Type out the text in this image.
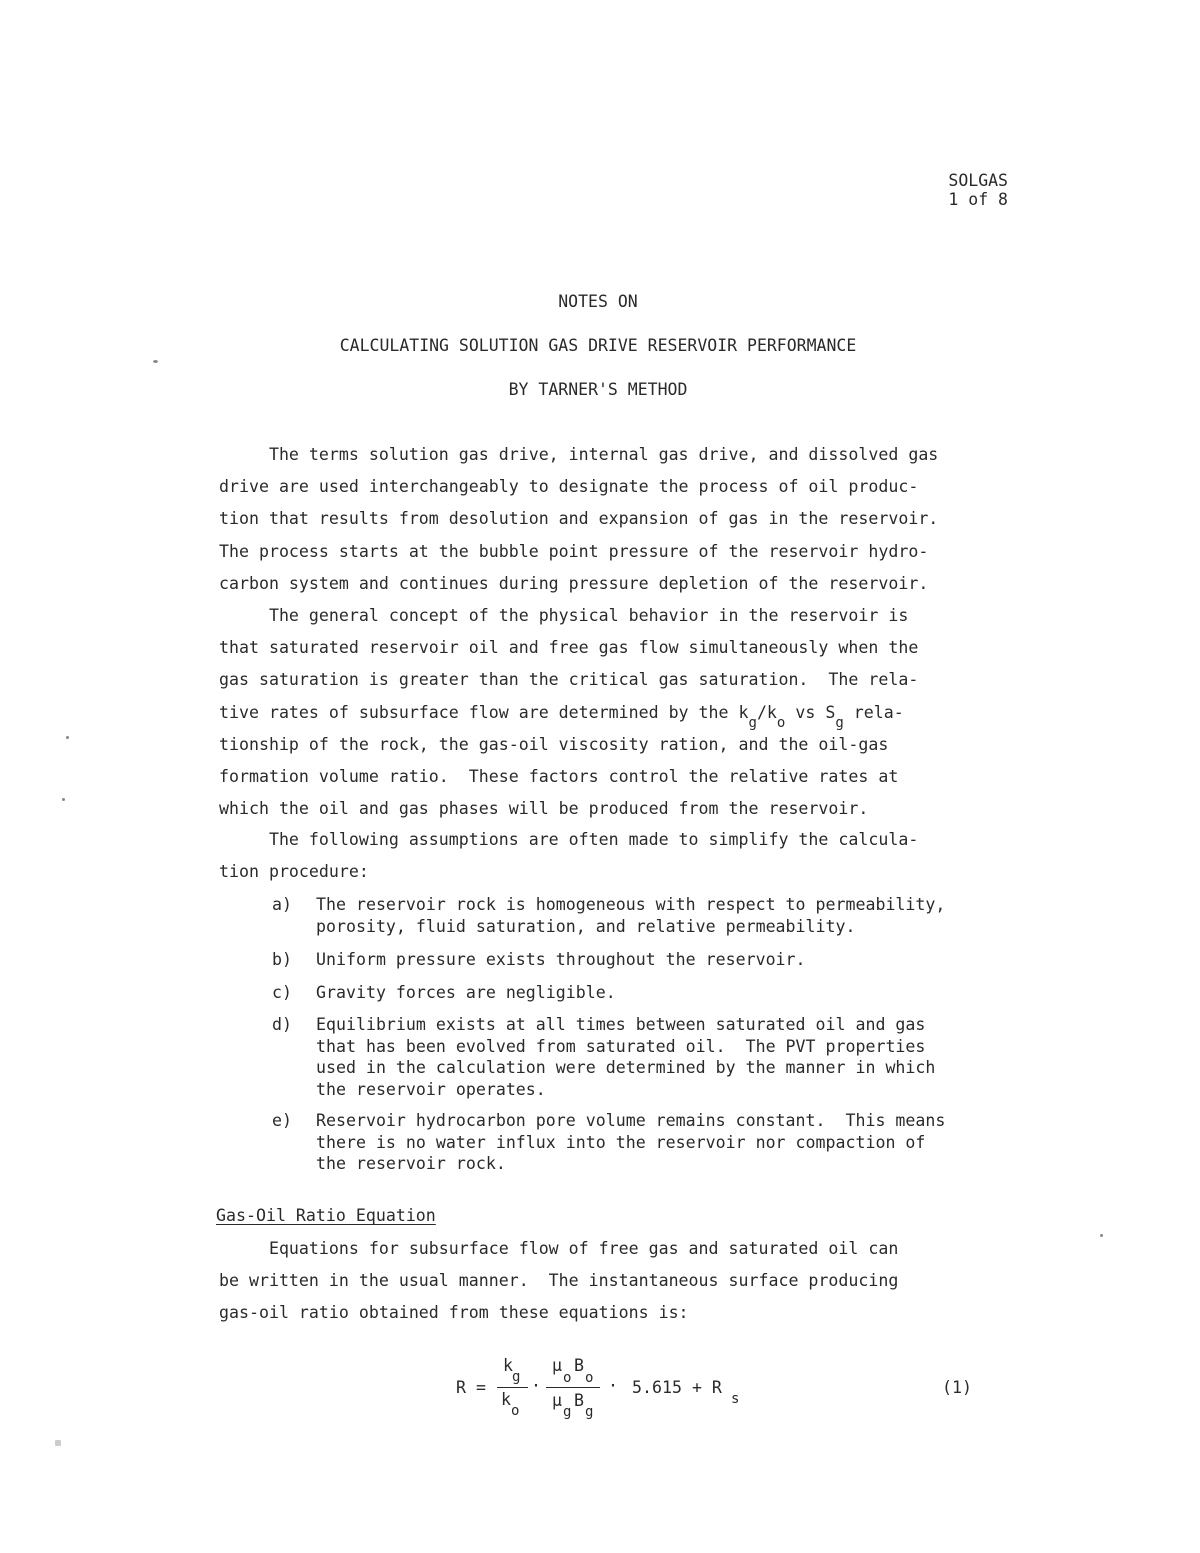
SOLGAS
1 of 8
NOTES ON
CALCULATING SOLUTION GAS DRIVE RESERVOIR PERFORMANCE
BY TARNER'S METHOD
The terms solution gas drive, internal gas drive, and dissolved gas
drive are used interchangeably to designate the process of oil produc-
tion that results from desolution and expansion of gas in the reservoir.
The process starts at the bubble point pressure of the reservoir hydro-
carbon system and continues during pressure depletion of the reservoir.
The general concept of the physical behavior in the reservoir is
that saturated reservoir oil and free gas flow simultaneously when the
gas saturation is greater than the critical gas saturation.  The rela-
tive rates of subsurface flow are determined by the $k_g/k_o$ vs $S_g$ rela-
tionship of the rock, the gas-oil viscosity ration, and the oil-gas
formation volume ratio.  These factors control the relative rates at
which the oil and gas phases will be produced from the reservoir.
The following assumptions are often made to simplify the calcula-
tion procedure:
a) The reservoir rock is homogeneous with respect to permeability,
porosity, fluid saturation, and relative permeability.
b) Uniform pressure exists throughout the reservoir.
c) Gravity forces are negligible.
d) Equilibrium exists at all times between saturated oil and gas
that has been evolved from saturated oil.  The PVT properties
used in the calculation were determined by the manner in which
the reservoir operates.
e) Reservoir hydrocarbon pore volume remains constant.  This means
there is no water influx into the reservoir nor compaction of
the reservoir rock.
Gas-Oil Ratio Equation
Equations for subsurface flow of free gas and saturated oil can
be written in the usual manner.  The instantaneous surface producing
gas-oil ratio obtained from these equations is:
R =
k
g
k
o
·
μ
o
B
o
μ
g
B
g
· 5.615 + R
s
(1)
